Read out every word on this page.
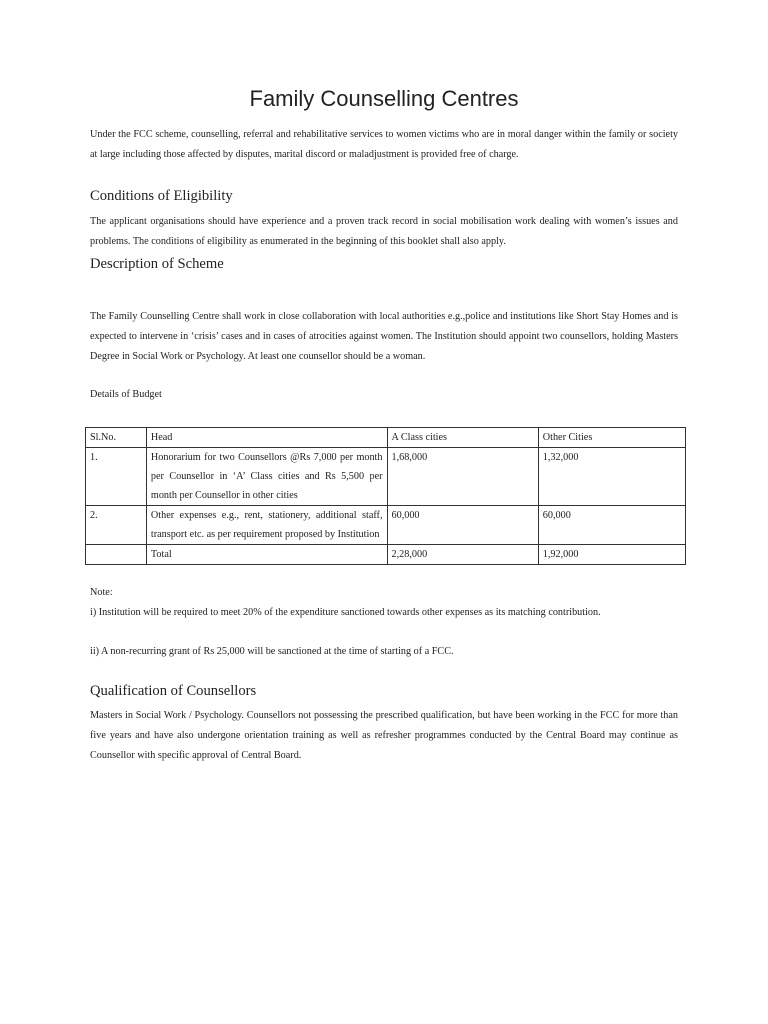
Family Counselling Centres
Under the FCC scheme, counselling, referral and rehabilitative services to women victims who are in moral danger within the family or society at large including those affected by disputes, marital discord or maladjustment is provided free of charge.
Conditions of Eligibility
The applicant organisations should have experience and a proven track record in social mobilisation work dealing with women’s issues and problems. The conditions of eligibility as enumerated in the beginning of this booklet shall also apply.
Description of Scheme
The Family Counselling Centre shall work in close collaboration with local authorities e.g.,police and institutions like Short Stay Homes and is expected to intervene in ‘crisis’ cases and in cases of atrocities against women. The Institution should appoint two counsellors, holding Masters Degree in Social Work or Psychology. At least one counsellor should be a woman.
Details of Budget
Sl.No.	Head	A Class cities	Other Cities
1.	Honorarium for two Counsellors @Rs 7,000 per month per Counsellor in ‘A’ Class cities and Rs 5,500 per month per Counsellor in other cities	1,68,000	1,32,000
2.	Other expenses e.g., rent, stationery, additional staff, transport etc. as per requirement proposed by Institution	60,000	60,000
	Total	2,28,000	1,92,000
Note:
i) Institution will be required to meet 20% of the expenditure sanctioned towards other expenses as its matching contribution.
ii) A non-recurring grant of Rs 25,000 will be sanctioned at the time of starting of a FCC.
Qualification of Counsellors
Masters in Social Work / Psychology. Counsellors not possessing the prescribed qualification, but have been working in the FCC for more than five years and have also undergone orientation training as well as refresher programmes conducted by the Central Board may continue as Counsellor with specific approval of Central Board.
